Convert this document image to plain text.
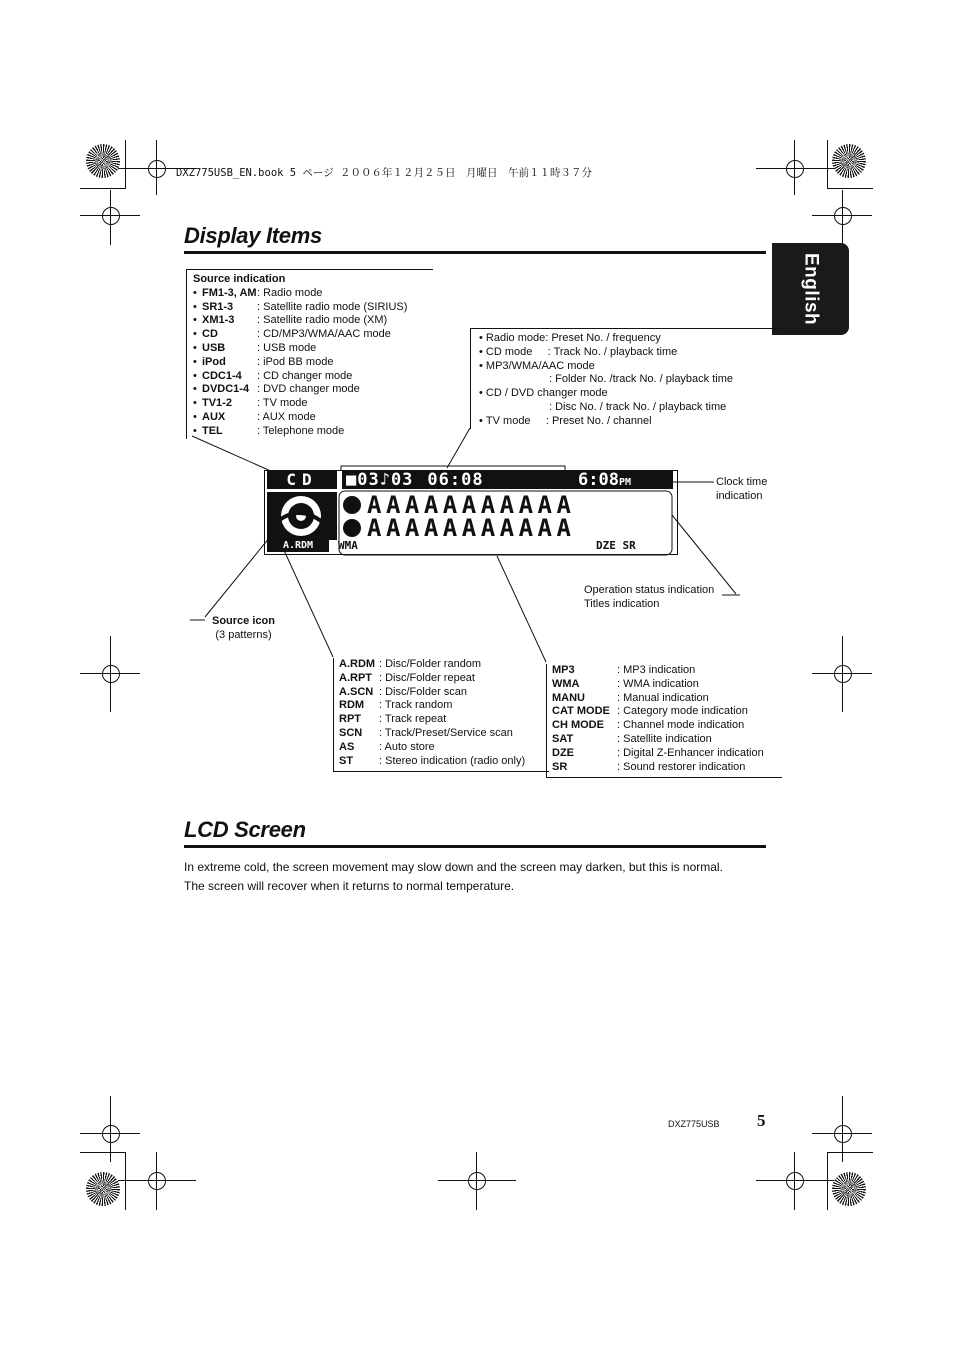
DXZ775USB_EN.book 5 ページ ２００６年１２月２５日　月曜日　午前１１時３７分
English
Display Items
Source indication
• FM1-3, AM : Radio mode
• SR1-3	: Satellite radio mode (SIRIUS)
• XM1-3	: Satellite radio mode (XM)
• CD	: CD/MP3/WMA/AAC mode
• USB	: USB mode
• iPod	: iPod BB mode
• CDC1-4	: CD changer mode
• DVDC1-4 : DVD changer mode
• TV1-2	: TV mode
• AUX	: AUX mode
• TEL	: Telephone mode
• Radio mode: Preset No. / frequency
• CD mode     : Track No. / playback time
• MP3/WMA/AAC mode
: Folder No. /track No. / playback time
• CD / DVD changer mode
: Disc No. / track No. / playback time
• TV mode     : Preset No. / channel
CD	■03♪03 06:08	6:08PM
AAAAAAAAAAA
AAAAAAAAAAA
A.RDM	WMA	DZE SR
Clock time
indication
Operation status indication
Titles indication
Source icon
(3 patterns)
A.RDM : Disc/Folder random
A.RPT : Disc/Folder repeat
A.SCN : Disc/Folder scan
RDM	: Track random
RPT	: Track repeat
SCN	: Track/Preset/Service scan
AS	: Auto store
ST	: Stereo indication (radio only)
MP3	: MP3 indication
WMA	: WMA indication
MANU	: Manual indication
CAT MODE : Category mode indication
CH MODE	: Channel mode indication
SAT	: Satellite indication
DZE	: Digital Z-Enhancer indication
SR	: Sound restorer indication
LCD Screen
In extreme cold, the screen movement may slow down and the screen may darken, but this is normal.
The screen will recover when it returns to normal temperature.
DXZ775USB 5
